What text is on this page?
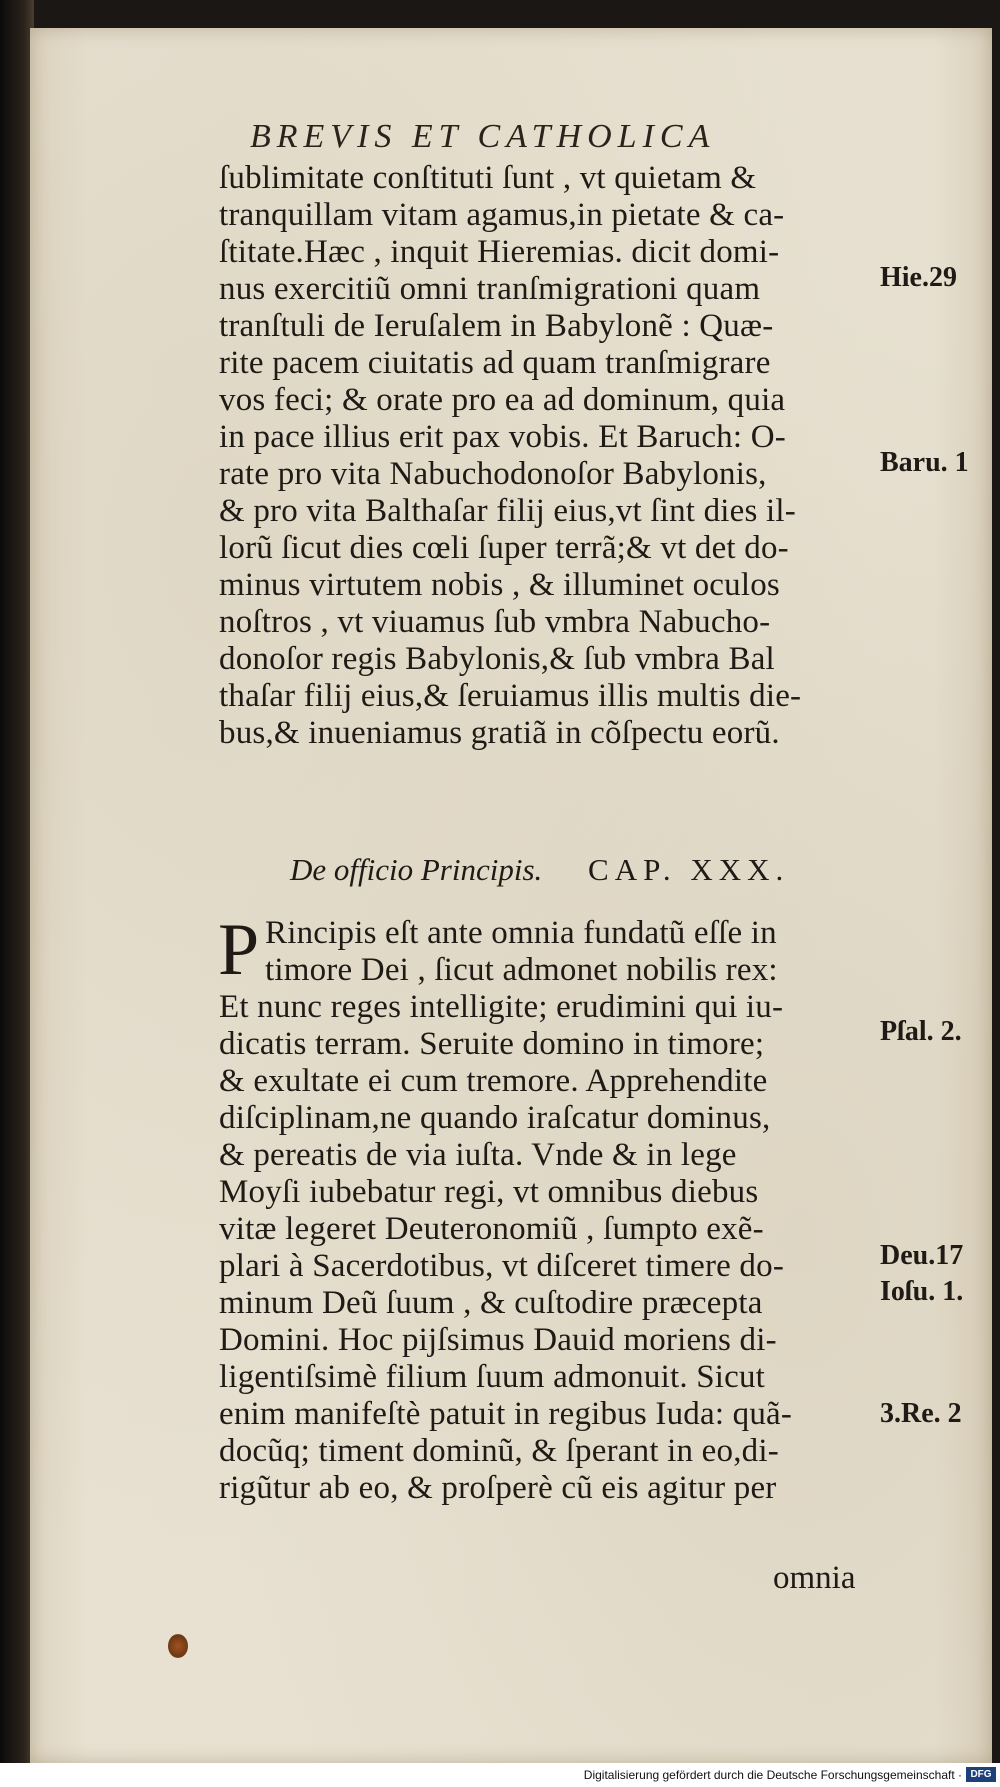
BREVIS ET CATHOLICA
ſublimitate conſtituti ſunt , vt quietam &
tranquillam vitam agamus,in pietate & ca-
ſtitate.Hæc , inquit Hieremias. dicit domi-
nus exercitiũ omni tranſmigrationi quam
tranſtuli de Ieruſalem in Babylonẽ : Quæ-
rite pacem ciuitatis ad quam tranſmigrare
vos feci; & orate pro ea ad dominum, quia
in pace illius erit pax vobis. Et Baruch: O-
rate pro vita Nabuchodonoſor Babylonis,
& pro vita Balthaſar filij eius,vt ſint dies il-
lorũ ſicut dies cœli ſuper terrã;& vt det do-
minus virtutem nobis , & illuminet oculos
noſtros , vt viuamus ſub vmbra Nabucho-
donoſor regis Babylonis,& ſub vmbra Bal
thaſar filij eius,& ſeruiamus illis multis die-
bus,& inueniamus gratiã in cõſpectu eorũ.
De officio Principis. CAP. XXX.
P Rincipis eſt ante omnia fundatũ eſſe in
timore Dei , ſicut admonet nobilis rex:
Et nunc reges intelligite; erudimini qui iu-
dicatis terram. Seruite domino in timore;
& exultate ei cum tremore. Apprehendite
diſciplinam,ne quando iraſcatur dominus,
& pereatis de via iuſta. Vnde & in lege
Moyſi iubebatur regi, vt omnibus diebus
vitæ legeret Deuteronomiũ , ſumpto exẽ-
plari à Sacerdotibus, vt diſceret timere do-
minum Deũ ſuum , & cuſtodire præcepta
Domini. Hoc pijſsimus Dauid moriens di-
ligentiſsimè filium ſuum admonuit. Sicut
enim manifeſtè patuit in regibus Iuda: quã-
docũq; timent dominũ, & ſperant in eo,di-
rigũtur ab eo, & proſperè cũ eis agitur per
omnia
Hie.29
Baru. 1
Pſal. 2.
Deu.17
Ioſu. 1.
3.Re. 2
Digitalisierung gefördert durch die Deutsche Forschungsgemeinschaft · DFG
